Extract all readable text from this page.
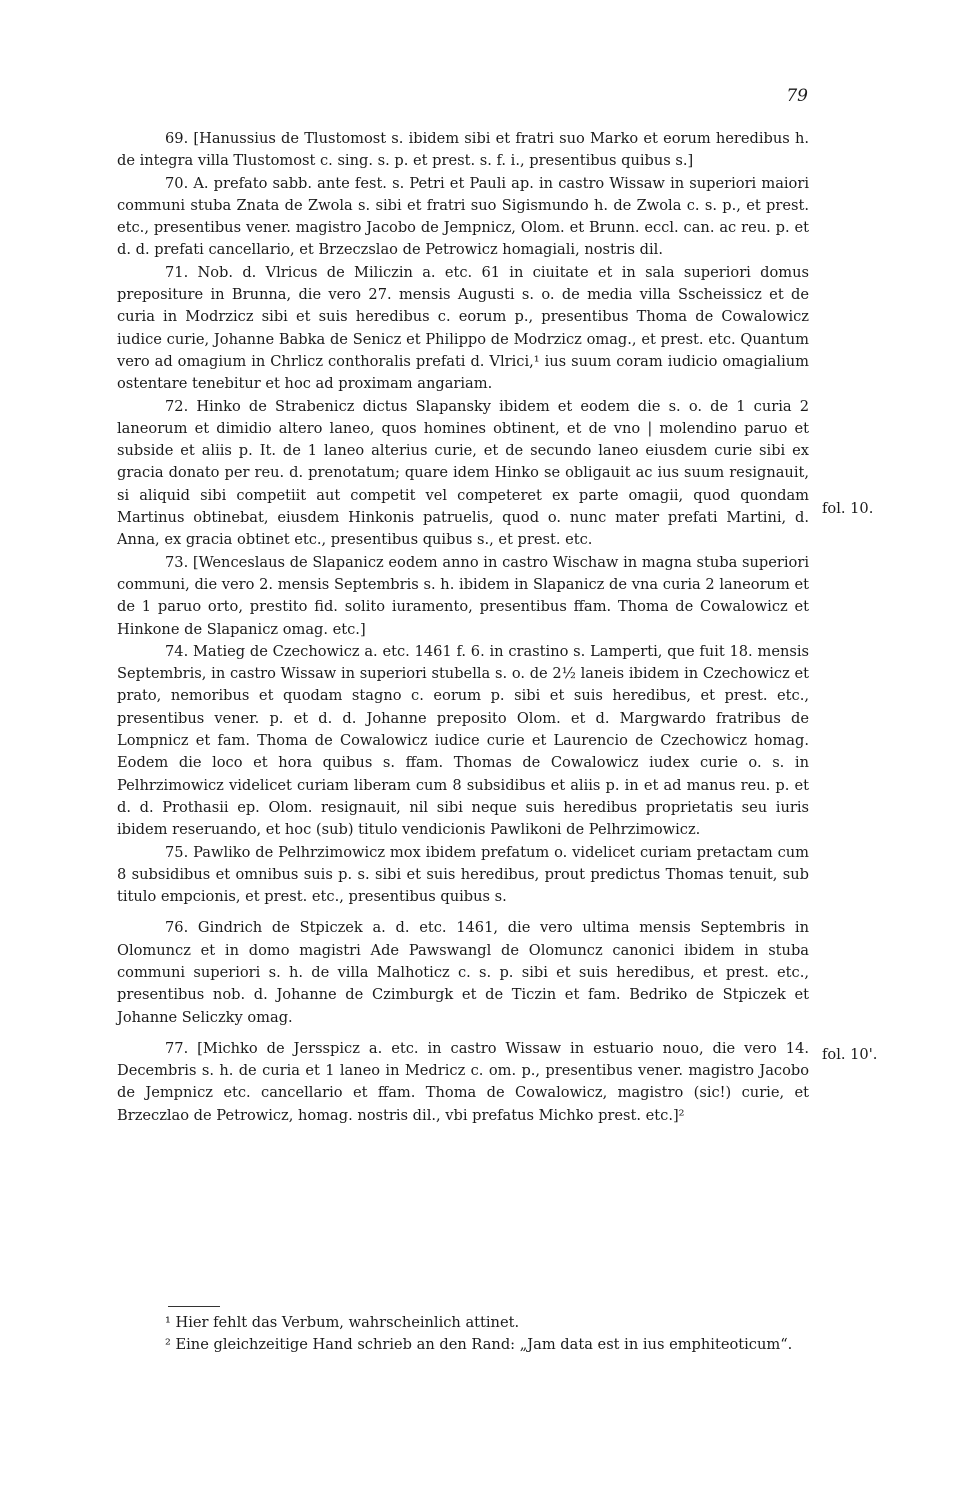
79

69. [Hanussius de Tlustomost s. ibidem sibi et fratri suo Marko et eorum heredibus h. de integra villa Tlustomost c. sing. s. p. et prest. s. f. i., presentibus quibus s.]

70. A. prefato sabb. ante fest. s. Petri et Pauli ap. in castro Wissaw in superiori maiori communi stuba Znata de Zwola s. sibi et fratri suo Sigismundo h. de Zwola c. s. p., et prest. etc., presentibus vener. magistro Jacobo de Jempnicz, Olom. et Brunn. eccl. can. ac reu. p. et d. d. prefati cancellario, et Brzeczslao de Petrowicz homagiali, nostris dil.

71. Nob. d. Vlricus de Miliczin a. etc. 61 in ciuitate et in sala superiori domus prepositure in Brunna, die vero 27. mensis Augusti s. o. de media villa Sscheissicz et de curia in Modrzicz sibi et suis heredibus c. eorum p., presentibus Thoma de Cowalowicz iudice curie, Johanne Babka de Senicz et Philippo de Modrzicz omag., et prest. etc. Quantum vero ad omagium in Chrlicz conthoralis prefati d. Vlrici,¹ ius suum coram iudicio omagialium ostentare tenebitur et hoc ad proximam angariam.

72. Hinko de Strabenicz dictus Slapansky ibidem et eodem die s. o. de 1 curia 2 laneorum et dimidio altero laneo, quos homines obtinent, et de vno | molendino paruo et subside et aliis p. It. de 1 laneo alterius curie, et de secundo laneo eiusdem curie sibi ex gracia donato per reu. d. prenotatum; quare idem Hinko se obligauit ac ius suum resignauit, si aliquid sibi competiit aut competit vel competeret ex parte omagii, quod quondam Martinus obtinebat, eiusdem Hinkonis patruelis, quod o. nunc mater prefati Martini, d. Anna, ex gracia obtinet etc., presentibus quibus s., et prest. etc.

73. [Wenceslaus de Slapanicz eodem anno in castro Wischaw in magna stuba superiori communi, die vero 2. mensis Septembris s. h. ibidem in Slapanicz de vna curia 2 laneorum et de 1 paruo orto, prestito fid. solito iuramento, presentibus ffam. Thoma de Cowalowicz et Hinkone de Slapanicz omag. etc.]

74. Matieg de Czechowicz a. etc. 1461 f. 6. in crastino s. Lamperti, que fuit 18. mensis Septembris, in castro Wissaw in superiori stubella s. o. de 2½ laneis ibidem in Czechowicz et prato, nemoribus et quodam stagno c. eorum p. sibi et suis heredibus, et prest. etc., presentibus vener. p. et d. d. Johanne preposito Olom. et d. Margwardo fratribus de Lompnicz et fam. Thoma de Cowalowicz iudice curie et Laurencio de Czechowicz homag. Eodem die loco et hora quibus s. ffam. Thomas de Cowalowicz iudex curie o. s. in Pelhrzimowicz videlicet curiam liberam cum 8 subsidibus et aliis p. in et ad manus reu. p. et d. d. Prothasii ep. Olom. resignauit, nil sibi neque suis heredibus proprietatis seu iuris ibidem reseruando, et hoc (sub) titulo vendicionis Pawlikoni de Pelhrzimowicz.

75. Pawliko de Pelhrzimowicz mox ibidem prefatum o. videlicet curiam pretactam cum 8 subsidibus et omnibus suis p. s. sibi et suis heredibus, prout predictus Thomas tenuit, sub titulo empcionis, et prest. etc., presentibus quibus s.

76. Gindrich de Stpiczek a. d. etc. 1461, die vero ultima mensis Septembris in Olomuncz et in domo magistri Ade Pawswangl de Olomuncz canonici ibidem in stuba communi superiori s. h. de villa Malhoticz c. s. p. sibi et suis heredibus, et prest. etc., presentibus nob. d. Johanne de Czimburgk et de Ticzin et fam. Bedriko de Stpiczek et Johanne Seliczky omag.

77. [Michko de Jersspicz a. etc. in castro Wissaw in estuario nouo, die vero 14. Decembris s. h. de curia et 1 laneo in Medricz c. om. p., presentibus vener. magistro Jacobo de Jempnicz etc. cancellario et ffam. Thoma de Cowalowicz, magistro (sic!) curie, et Brzeczlao de Petrowicz, homag. nostris dil., vbi prefatus Michko prest. etc.]²

fol. 10.
fol. 10'.

¹ Hier fehlt das Verbum, wahrscheinlich attinet.

² Eine gleichzeitige Hand schrieb an den Rand: „Jam data est in ius emphiteoticum“.
